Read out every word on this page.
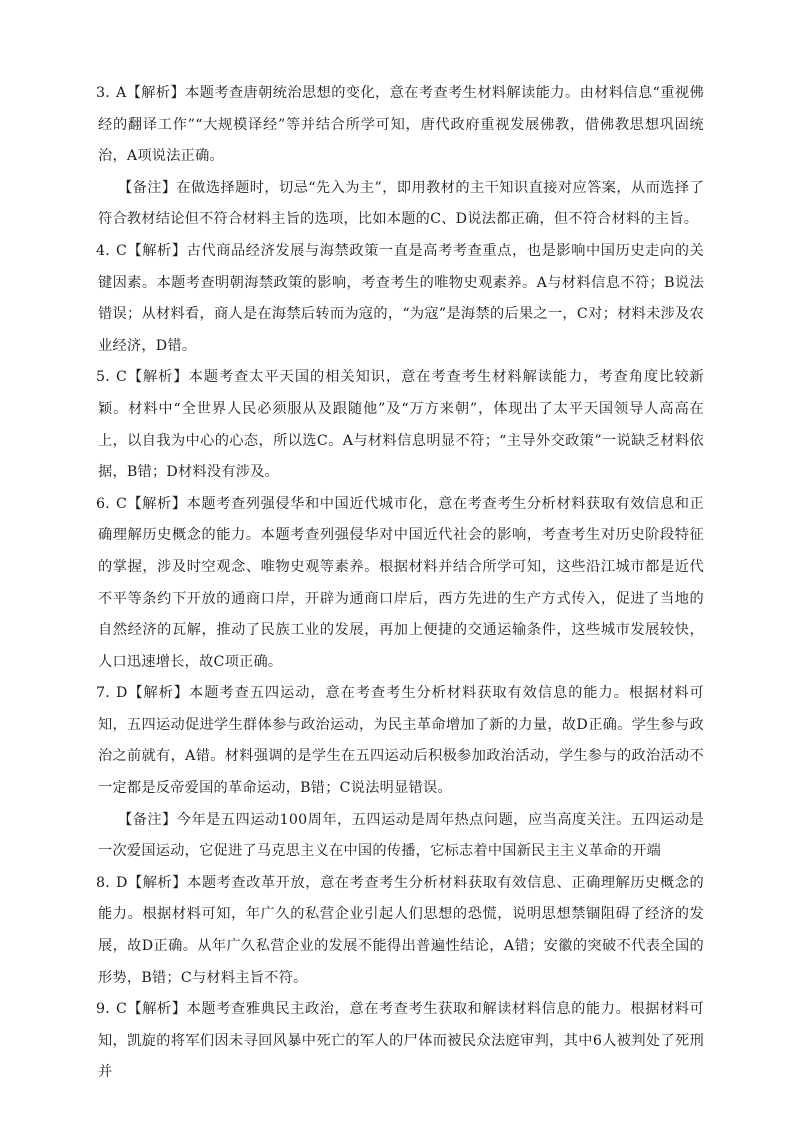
3．A【解析】本题考查唐朝统治思想的变化，意在考查考生材料解读能力。由材料信息“重视佛经的翻译工作”“大规模译经”等并结合所学可知，唐代政府重视发展佛教，借佛教思想巩固统治，A项说法正确。

【备注】在做选择题时，切忌“先入为主”，即用教材的主干知识直接对应答案，从而选择了符合教材结论但不符合材料主旨的选项，比如本题的C、D说法都正确，但不符合材料的主旨。

4．C【解析】古代商品经济发展与海禁政策一直是高考考查重点，也是影响中国历史走向的关键因素。本题考查明朝海禁政策的影响，考查考生的唯物史观素养。A与材料信息不符；B说法错误；从材料看，商人是在海禁后转而为寇的，“为寇”是海禁的后果之一，C对；材料未涉及农业经济，D错。

5．C【解析】本题考查太平天国的相关知识，意在考查考生材料解读能力，考查角度比较新颖。材料中“全世界人民必须服从及跟随他”及“万方来朝”，体现出了太平天国领导人高高在上，以自我为中心的心态，所以选C。A与材料信息明显不符；“主导外交政策”一说缺乏材料依据，B错；D材料没有涉及。

6．C【解析】本题考查列强侵华和中国近代城市化，意在考查考生分析材料获取有效信息和正确理解历史概念的能力。本题考查列强侵华对中国近代社会的影响，考查考生对历史阶段特征的掌握，涉及时空观念、唯物史观等素养。根据材料并结合所学可知，这些沿江城市都是近代不平等条约下开放的通商口岸，开辟为通商口岸后，西方先进的生产方式传入，促进了当地的自然经济的瓦解，推动了民族工业的发展，再加上便捷的交通运输条件，这些城市发展较快，人口迅速增长，故C项正确。

7．D【解析】本题考查五四运动，意在考查考生分析材料获取有效信息的能力。根据材料可知，五四运动促进学生群体参与政治运动，为民主革命增加了新的力量，故D正确。学生参与政治之前就有，A错。材料强调的是学生在五四运动后积极参加政治活动，学生参与的政治活动不一定都是反帝爱国的革命运动，B错；C说法明显错误。

【备注】今年是五四运动100周年，五四运动是周年热点问题，应当高度关注。五四运动是一次爱国运动，它促进了马克思主义在中国的传播，它标志着中国新民主主义革命的开端

8．D【解析】本题考查改革开放，意在考查考生分析材料获取有效信息、正确理解历史概念的能力。根据材料可知，年广久的私营企业引起人们思想的恐慌，说明思想禁锢阻碍了经济的发展，故D正确。从年广久私营企业的发展不能得出普遍性结论，A错；安徽的突破不代表全国的形势，B错；C与材料主旨不符。

9．C【解析】本题考查雅典民主政治，意在考查考生获取和解读材料信息的能力。根据材料可知，凯旋的将军们因未寻回风暴中死亡的军人的尸体而被民众法庭审判，其中6人被判处了死刑并
